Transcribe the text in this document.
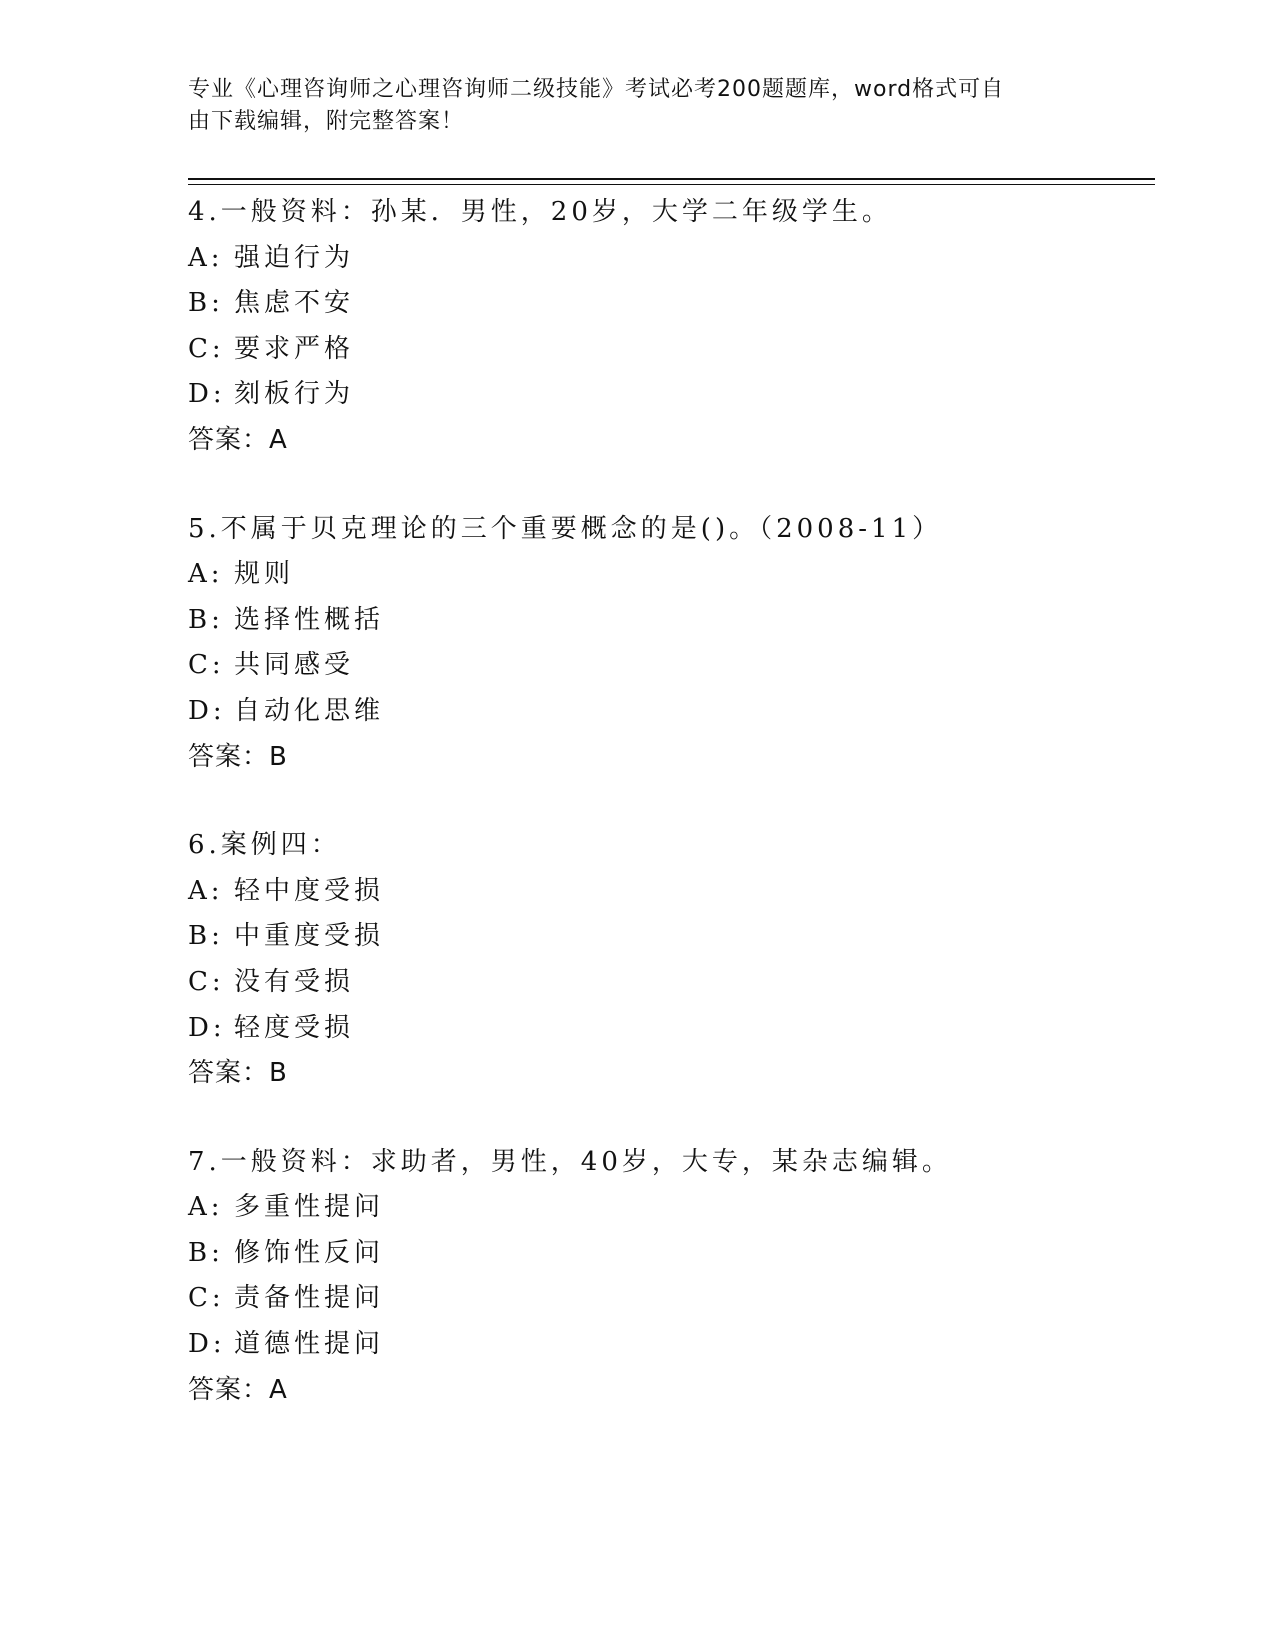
专业《心理咨询师之心理咨询师二级技能》考试必考200题题库，word格式可自
由下载编辑，附完整答案！
4.一般资料：孙某．男性，20岁，大学二年级学生。
A: 强迫行为
B: 焦虑不安
C: 要求严格
D: 刻板行为
答案：A
5.不属于贝克理论的三个重要概念的是()。（2008-11）
A: 规则
B: 选择性概括
C: 共同感受
D: 自动化思维
答案：B
6.案例四：
A: 轻中度受损
B: 中重度受损
C: 没有受损
D: 轻度受损
答案：B
7.一般资料：求助者，男性，40岁，大专，某杂志编辑。
A: 多重性提问
B: 修饰性反问
C: 责备性提问
D: 道德性提问
答案：A
